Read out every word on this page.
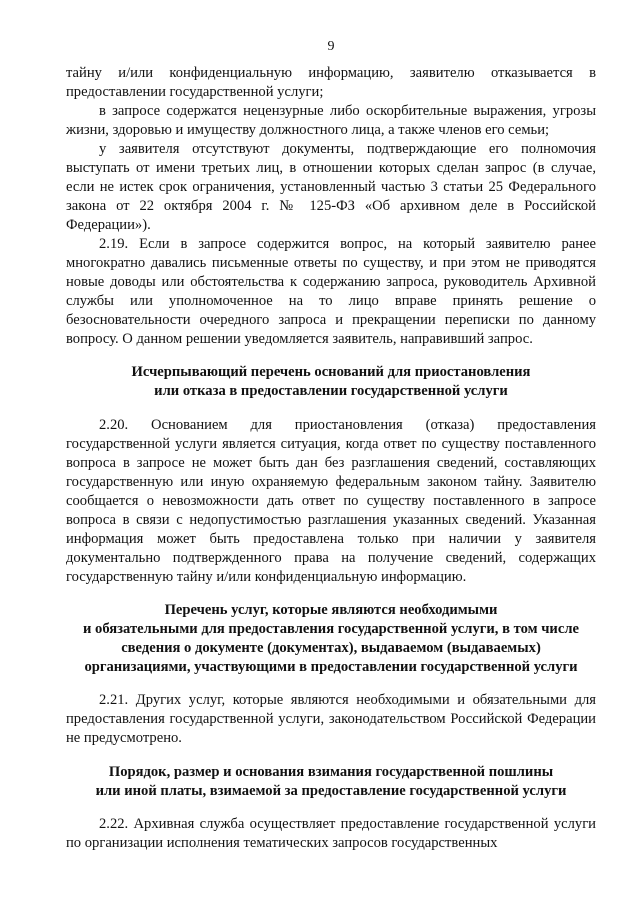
9

тайну и/или конфиденциальную информацию, заявителю отказывается в предоставлении государственной услуги;

в запросе содержатся нецензурные либо оскорбительные выражения, угрозы жизни, здоровью и имуществу должностного лица, а также членов его семьи;

у заявителя отсутствуют документы, подтверждающие его полномочия выступать от имени третьих лиц, в отношении которых сделан запрос (в случае, если не истек срок ограничения, установленный частью 3 статьи 25 Федерального закона от 22 октября 2004 г. № 125-ФЗ «Об архивном деле в Российской Федерации»).

2.19. Если в запросе содержится вопрос, на который заявителю ранее многократно давались письменные ответы по существу, и при этом не приводятся новые доводы или обстоятельства к содержанию запроса, руководитель Архивной службы или уполномоченное на то лицо вправе принять решение о безосновательности очередного запроса и прекращении переписки по данному вопросу. О данном решении уведомляется заявитель, направивший запрос.

Исчерпывающий перечень оснований для приостановления
или отказа в предоставлении государственной услуги

2.20. Основанием для приостановления (отказа) предоставления государственной услуги является ситуация, когда ответ по существу поставленного вопроса в запросе не может быть дан без разглашения сведений, составляющих государственную или иную охраняемую федеральным законом тайну. Заявителю сообщается о невозможности дать ответ по существу поставленного в запросе вопроса в связи с недопустимостью разглашения указанных сведений. Указанная информация может быть предоставлена только при наличии у заявителя документально подтвержденного права на получение сведений, содержащих государственную тайну и/или конфиденциальную информацию.

Перечень услуг, которые являются необходимыми
и обязательными для предоставления государственной услуги, в том числе
сведения о документе (документах), выдаваемом (выдаваемых)
организациями, участвующими в предоставлении государственной услуги

2.21. Других услуг, которые являются необходимыми и обязательными для предоставления государственной услуги, законодательством Российской Федерации не предусмотрено.

Порядок, размер и основания взимания государственной пошлины
или иной платы, взимаемой за предоставление государственной услуги

2.22. Архивная служба осуществляет предоставление государственной услуги по организации исполнения тематических запросов государственных
